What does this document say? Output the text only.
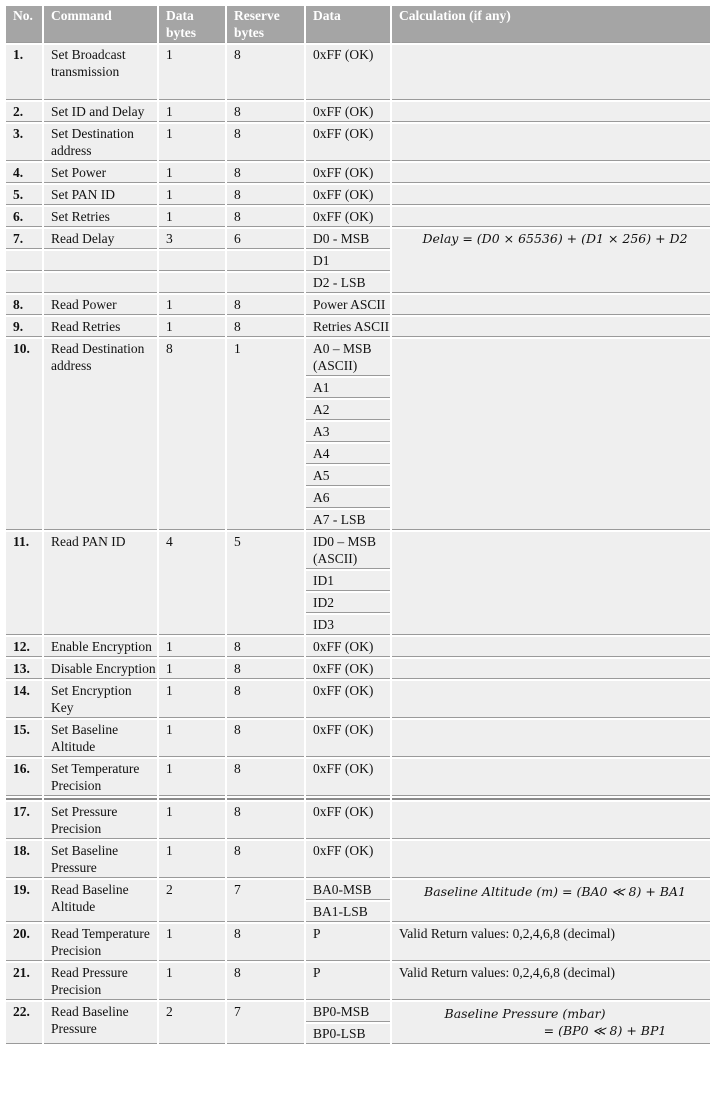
No.	Command	Data bytes	Reserve bytes	Data	Calculation (if any)
1.	Set Broadcast transmission	1	8	0xFF (OK)	
2.	Set ID and Delay	1	8	0xFF (OK)	
3.	Set Destination address	1	8	0xFF (OK)	
4.	Set Power	1	8	0xFF (OK)	
5.	Set PAN ID	1	8	0xFF (OK)	
6.	Set Retries	1	8	0xFF (OK)	
7.	Read Delay	3	6	D0 - MSB	Delay = (D0 × 65536) + (D1 × 256) + D2
				D1	
				D2 - LSB	
8.	Read Power	1	8	Power ASCII	
9.	Read Retries	1	8	Retries ASCII	
10.	Read Destination address	8	1	A0 – MSB (ASCII)	
				A1	
				A2	
				A3	
				A4	
				A5	
				A6	
				A7 - LSB	
11.	Read PAN ID	4	5	ID0 – MSB (ASCII)	
				ID1	
				ID2	
				ID3	
12.	Enable Encryption	1	8	0xFF (OK)	
13.	Disable Encryption	1	8	0xFF (OK)	
14.	Set Encryption Key	1	8	0xFF (OK)	
15.	Set Baseline Altitude	1	8	0xFF (OK)	
16.	Set Temperature Precision	1	8	0xFF (OK)	

17.	Set Pressure Precision	1	8	0xFF (OK)	
18.	Set Baseline Pressure	1	8	0xFF (OK)	
19.	Read Baseline Altitude	2	7	BA0-MSB	Baseline Altitude (m) = (BA0 ≪ 8) + BA1
				BA1-LSB	
20.	Read Temperature Precision	1	8	P	Valid Return values: 0,2,4,6,8 (decimal)
21.	Read Pressure Precision	1	8	P	Valid Return values: 0,2,4,6,8 (decimal)
22.	Read Baseline Pressure	2	7	BP0-MSB	Baseline Pressure (mbar)
= (BP0 ≪ 8) + BP1

				BP0-LSB	
